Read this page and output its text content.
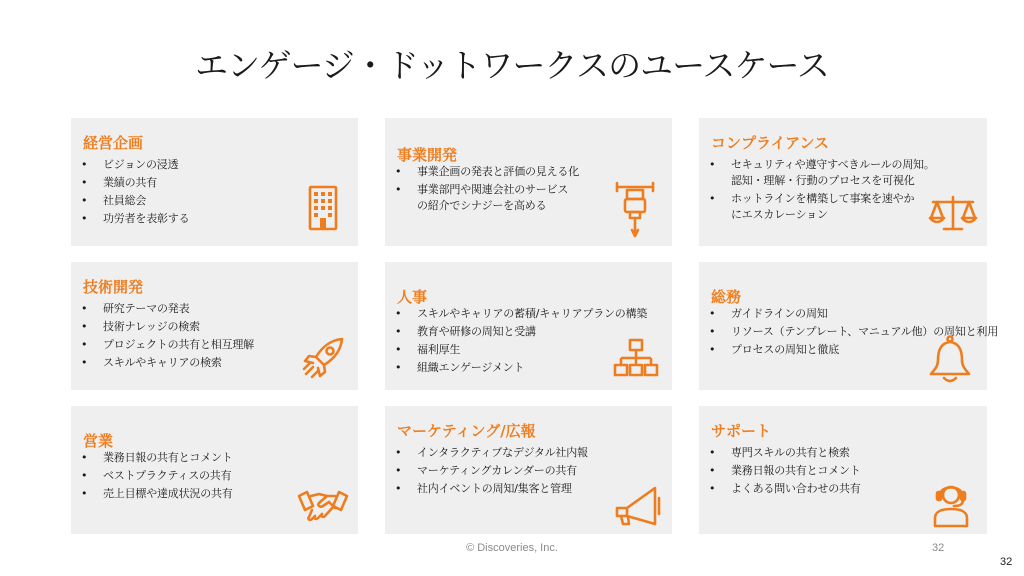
エンゲージ・ドットワークスのユースケース
経営企画
• ビジョンの浸透
• 業績の共有
• 社員総会
• 功労者を表彰する
事業開発
• 事業企画の発表と評価の見える化
• 事業部門や関連会社のサービス
の紹介でシナジーを高める
コンプライアンス
• セキュリティや遵守すべきルールの周知。
認知・理解・行動のプロセスを可視化
• ホットラインを構築して事案を速やか
にエスカレーション
技術開発
• 研究テーマの発表
• 技術ナレッジの検索
• プロジェクトの共有と相互理解
• スキルやキャリアの検索
人事
• スキルやキャリアの蓄積/キャリアプランの構築
• 教育や研修の周知と受講
• 福利厚生
• 組織エンゲージメント
総務
• ガイドラインの周知
• リソース（テンプレート、マニュアル他）の周知と利用
• プロセスの周知と徹底
営業
• 業務日報の共有とコメント
• ベストプラクティスの共有
• 売上目標や達成状況の共有
マーケティング/広報
• インタラクティブなデジタル社内報
• マーケティングカレンダーの共有
• 社内イベントの周知/集客と管理
サポート
• 専門スキルの共有と検索
• 業務日報の共有とコメント
• よくある問い合わせの共有
© Discoveries, Inc.	32
32
